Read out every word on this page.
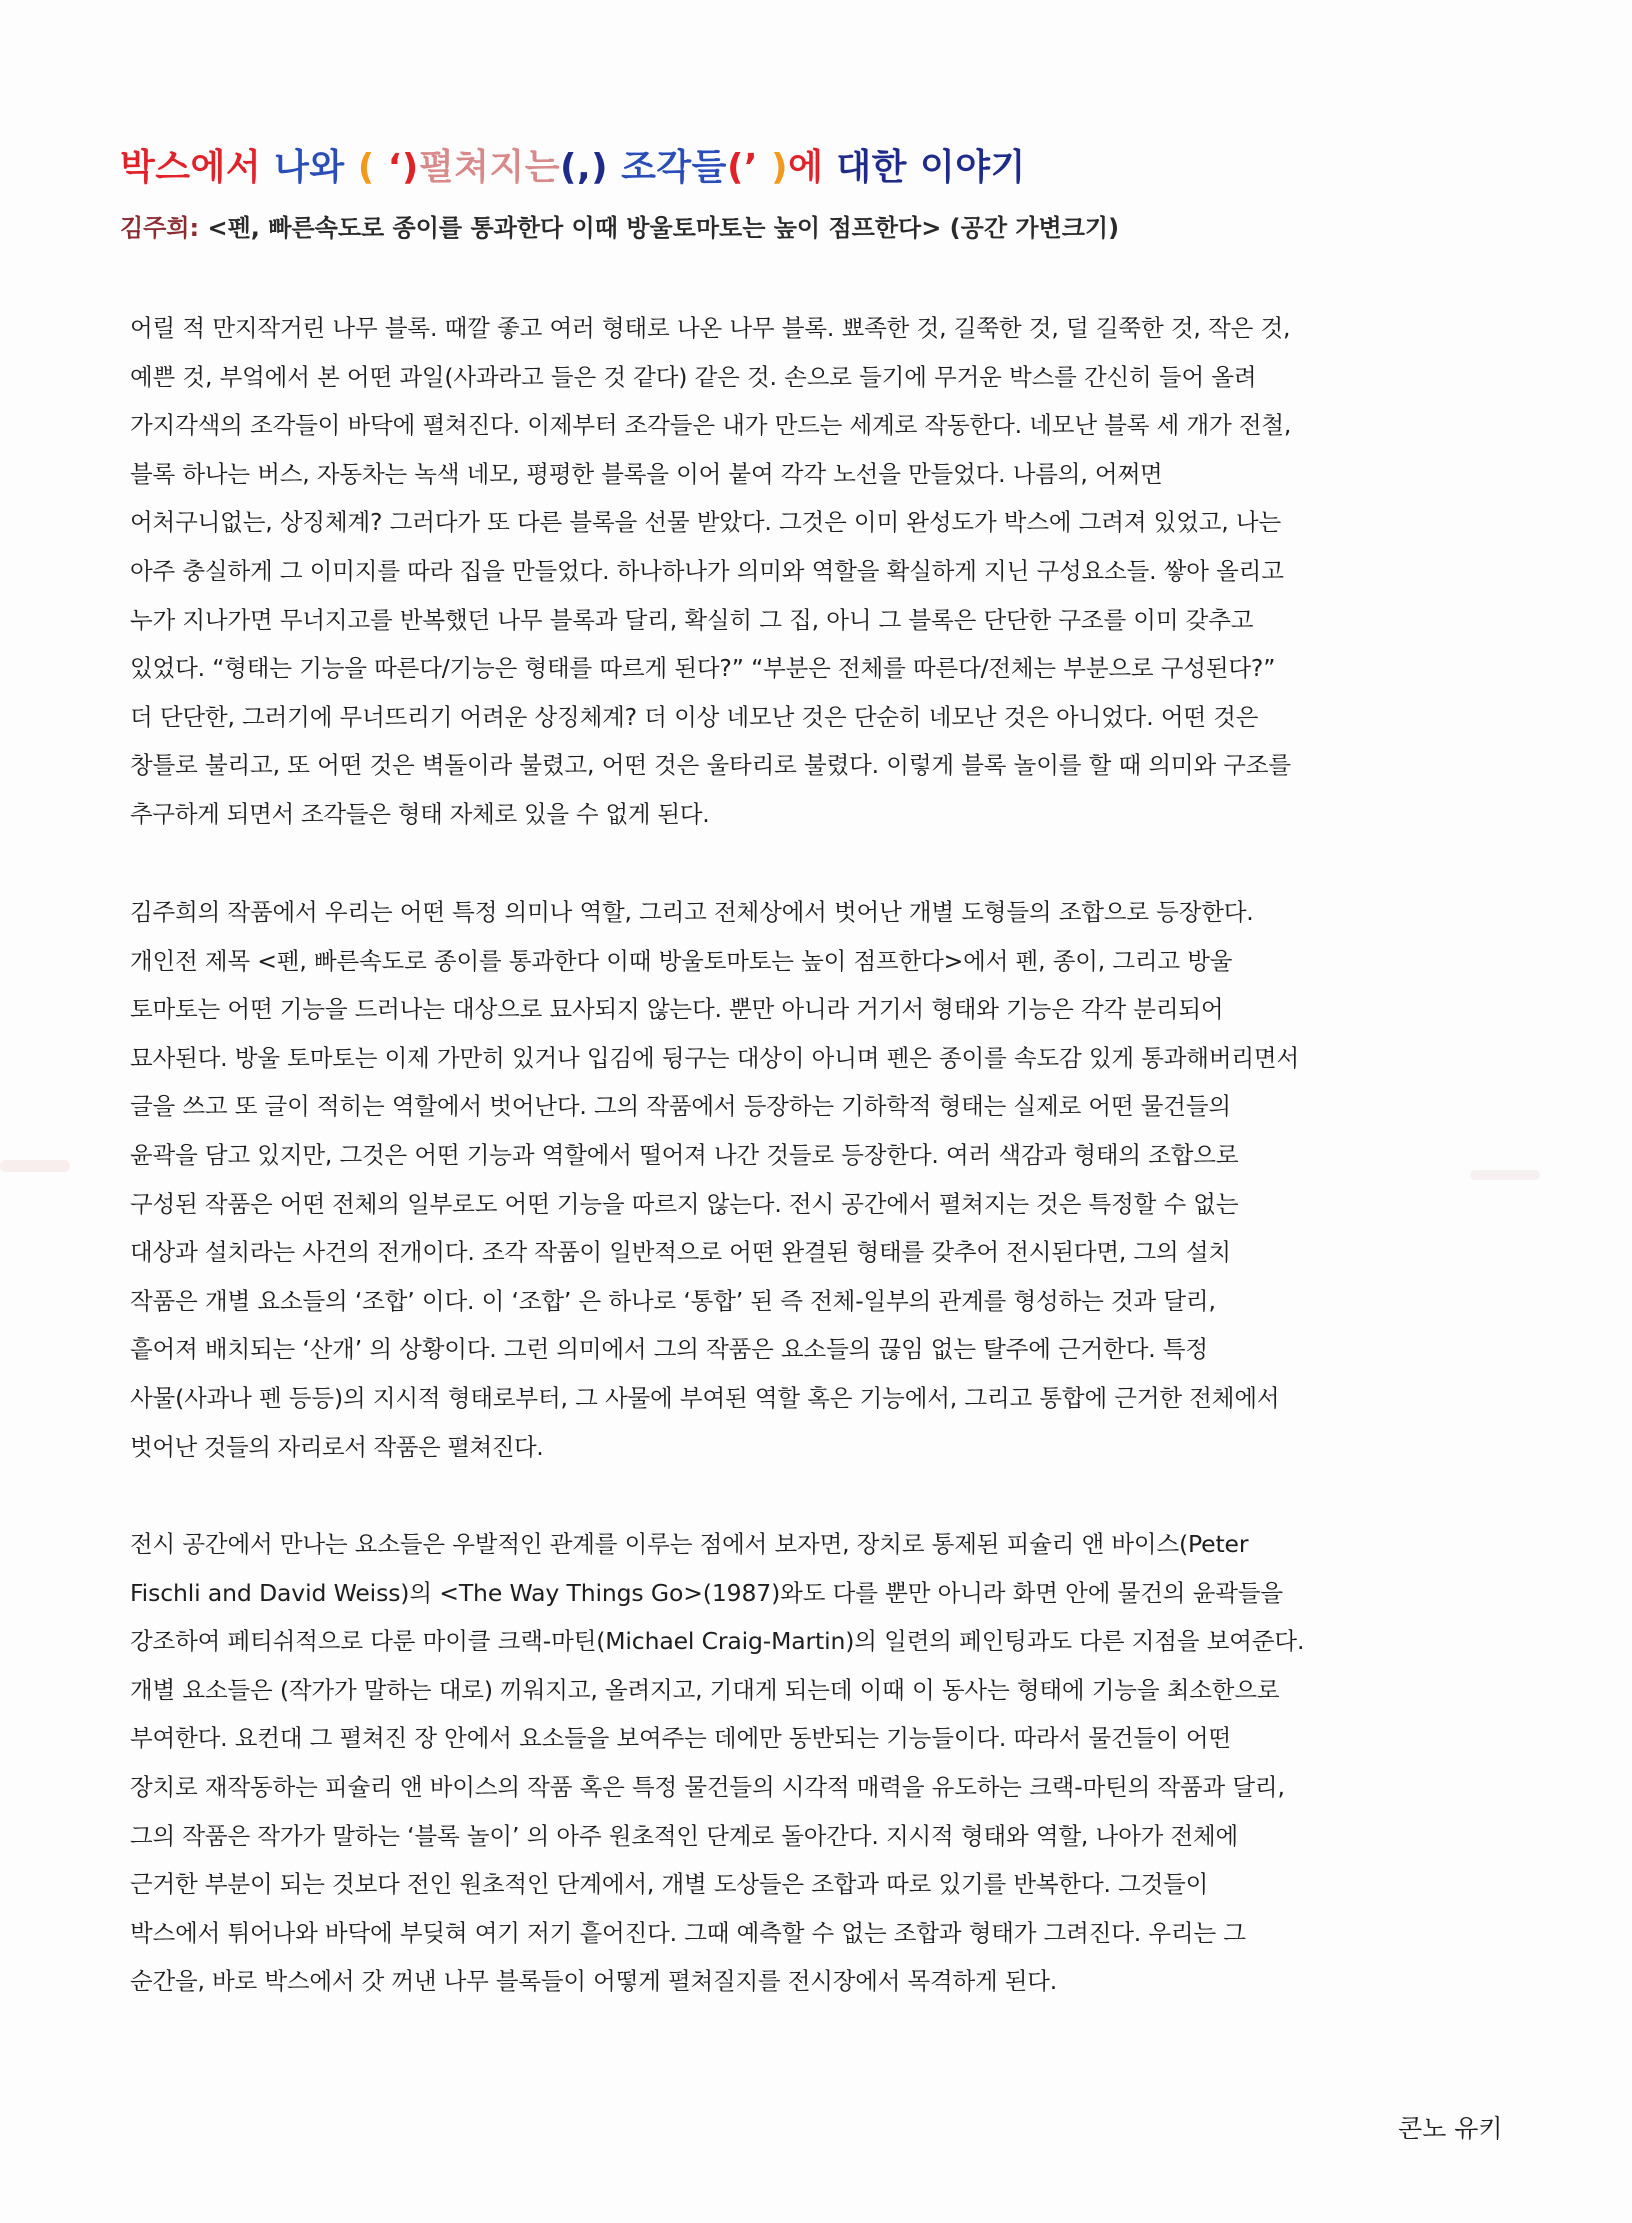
박스에서 나와 ( ‘)펼쳐지는(,) 조각들(’ )에 대한 이야기
김주희: <펜, 빠른속도로 종이를 통과한다 이때 방울토마토는 높이 점프한다> (공간 가변크기)
어릴 적 만지작거린 나무 블록. 때깔 좋고 여러 형태로 나온 나무 블록. 뾰족한 것, 길쭉한 것, 덜 길쭉한 것, 작은 것,
예쁜 것, 부엌에서 본 어떤 과일(사과라고 들은 것 같다) 같은 것. 손으로 들기에 무거운 박스를 간신히 들어 올려
가지각색의 조각들이 바닥에 펼쳐진다. 이제부터 조각들은 내가 만드는 세계로 작동한다. 네모난 블록 세 개가 전철,
블록 하나는 버스, 자동차는 녹색 네모, 평평한 블록을 이어 붙여 각각 노선을 만들었다. 나름의, 어쩌면
어처구니없는, 상징체계? 그러다가 또 다른 블록을 선물 받았다. 그것은 이미 완성도가 박스에 그려져 있었고, 나는
아주 충실하게 그 이미지를 따라 집을 만들었다. 하나하나가 의미와 역할을 확실하게 지닌 구성요소들. 쌓아 올리고
누가 지나가면 무너지고를 반복했던 나무 블록과 달리, 확실히 그 집, 아니 그 블록은 단단한 구조를 이미 갖추고
있었다. “형태는 기능을 따른다/기능은 형태를 따르게 된다?” “부분은 전체를 따른다/전체는 부분으로 구성된다?”
더 단단한, 그러기에 무너뜨리기 어려운 상징체계? 더 이상 네모난 것은 단순히 네모난 것은 아니었다. 어떤 것은
창틀로 불리고, 또 어떤 것은 벽돌이라 불렸고, 어떤 것은 울타리로 불렸다. 이렇게 블록 놀이를 할 때 의미와 구조를
추구하게 되면서 조각들은 형태 자체로 있을 수 없게 된다.
김주희의 작품에서 우리는 어떤 특정 의미나 역할, 그리고 전체상에서 벗어난 개별 도형들의 조합으로 등장한다.
개인전 제목 <펜, 빠른속도로 종이를 통과한다 이때 방울토마토는 높이 점프한다>에서 펜, 종이, 그리고 방울
토마토는 어떤 기능을 드러나는 대상으로 묘사되지 않는다. 뿐만 아니라 거기서 형태와 기능은 각각 분리되어
묘사된다. 방울 토마토는 이제 가만히 있거나 입김에 뒹구는 대상이 아니며 펜은 종이를 속도감 있게 통과해버리면서
글을 쓰고 또 글이 적히는 역할에서 벗어난다. 그의 작품에서 등장하는 기하학적 형태는 실제로 어떤 물건들의
윤곽을 담고 있지만, 그것은 어떤 기능과 역할에서 떨어져 나간 것들로 등장한다. 여러 색감과 형태의 조합으로
구성된 작품은 어떤 전체의 일부로도 어떤 기능을 따르지 않는다. 전시 공간에서 펼쳐지는 것은 특정할 수 없는
대상과 설치라는 사건의 전개이다. 조각 작품이 일반적으로 어떤 완결된 형태를 갖추어 전시된다면, 그의 설치
작품은 개별 요소들의 ‘조합’ 이다. 이 ‘조합’ 은 하나로 ‘통합’ 된 즉 전체-일부의 관계를 형성하는 것과 달리,
흩어져 배치되는 ‘산개’ 의 상황이다. 그런 의미에서 그의 작품은 요소들의 끊임 없는 탈주에 근거한다. 특정
사물(사과나 펜 등등)의 지시적 형태로부터, 그 사물에 부여된 역할 혹은 기능에서, 그리고 통합에 근거한 전체에서
벗어난 것들의 자리로서 작품은 펼쳐진다.
전시 공간에서 만나는 요소들은 우발적인 관계를 이루는 점에서 보자면, 장치로 통제된 피슐리 앤 바이스(Peter
Fischli and David Weiss)의 <The Way Things Go>(1987)와도 다를 뿐만 아니라 화면 안에 물건의 윤곽들을
강조하여 페티쉬적으로 다룬 마이클 크랙-마틴(Michael Craig-Martin)의 일련의 페인팅과도 다른 지점을 보여준다.
개별 요소들은 (작가가 말하는 대로) 끼워지고, 올려지고, 기대게 되는데 이때 이 동사는 형태에 기능을 최소한으로
부여한다. 요컨대 그 펼쳐진 장 안에서 요소들을 보여주는 데에만 동반되는 기능들이다. 따라서 물건들이 어떤
장치로 재작동하는 피슐리 앤 바이스의 작품 혹은 특정 물건들의 시각적 매력을 유도하는 크랙-마틴의 작품과 달리,
그의 작품은 작가가 말하는 ‘블록 놀이’ 의 아주 원초적인 단계로 돌아간다. 지시적 형태와 역할, 나아가 전체에
근거한 부분이 되는 것보다 전인 원초적인 단계에서, 개별 도상들은 조합과 따로 있기를 반복한다. 그것들이
박스에서 튀어나와 바닥에 부딪혀 여기 저기 흩어진다. 그때 예측할 수 없는 조합과 형태가 그려진다. 우리는 그
순간을, 바로 박스에서 갓 꺼낸 나무 블록들이 어떻게 펼쳐질지를 전시장에서 목격하게 된다.
콘노 유키
